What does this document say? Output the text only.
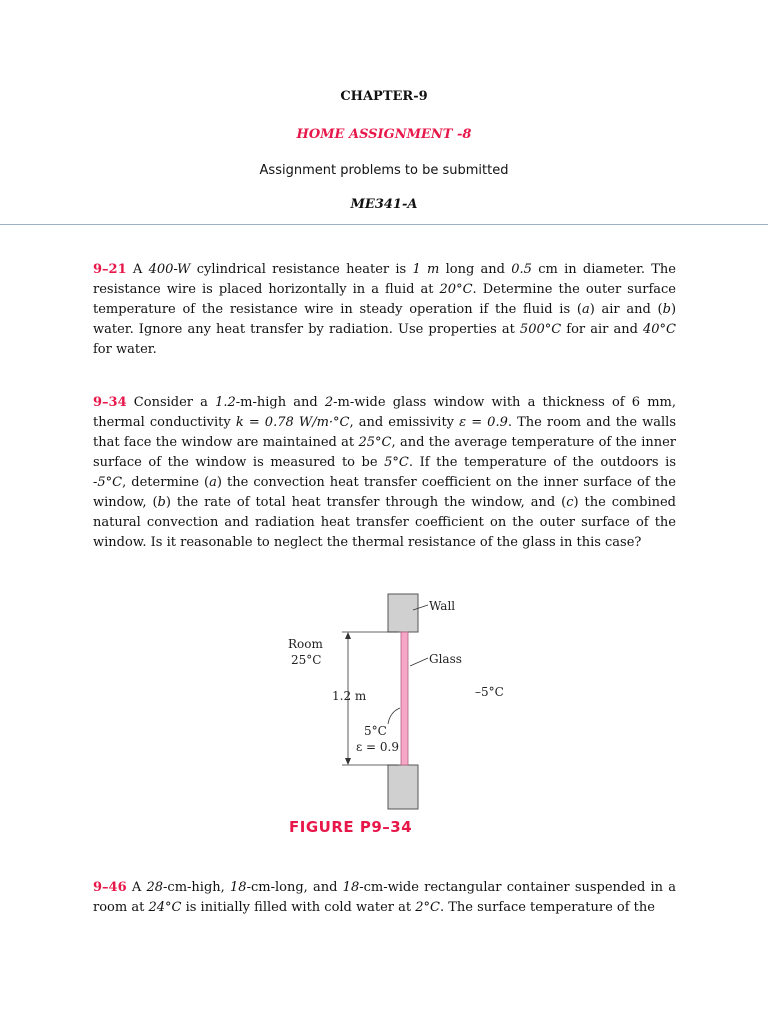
CHAPTER-9
HOME ASSIGNMENT -8
Assignment problems to be submitted
ME341-A
9–21 A 400-W cylindrical resistance heater is 1 m long and 0.5 cm in diameter. The resistance wire is placed horizontally in a fluid at 20°C. Determine the outer surface temperature of the resistance wire in steady operation if the fluid is (a) air and (b) water. Ignore any heat transfer by radiation. Use properties at 500°C for air and 40°C for water.
9–34 Consider a 1.2-m-high and 2-m-wide glass window with a thickness of 6 mm, thermal conductivity k = 0.78 W/m·°C, and emissivity ε = 0.9. The room and the walls that face the window are maintained at 25°C, and the average temperature of the inner surface of the window is measured to be 5°C. If the temperature of the outdoors is -5°C, determine (a) the convection heat transfer coefficient on the inner surface of the window, (b) the rate of total heat transfer through the window, and (c) the combined natural convection and radiation heat transfer coefficient on the outer surface of the window. Is it reasonable to neglect the thermal resistance of the glass in this case?
Wall
Glass
Room
25°C
1.2 m	–5°C
5°C
ε = 0.9
FIGURE P9–34
9–46 A 28-cm-high, 18-cm-long, and 18-cm-wide rectangular container suspended in a room at 24°C is initially filled with cold water at 2°C. The surface temperature of the
